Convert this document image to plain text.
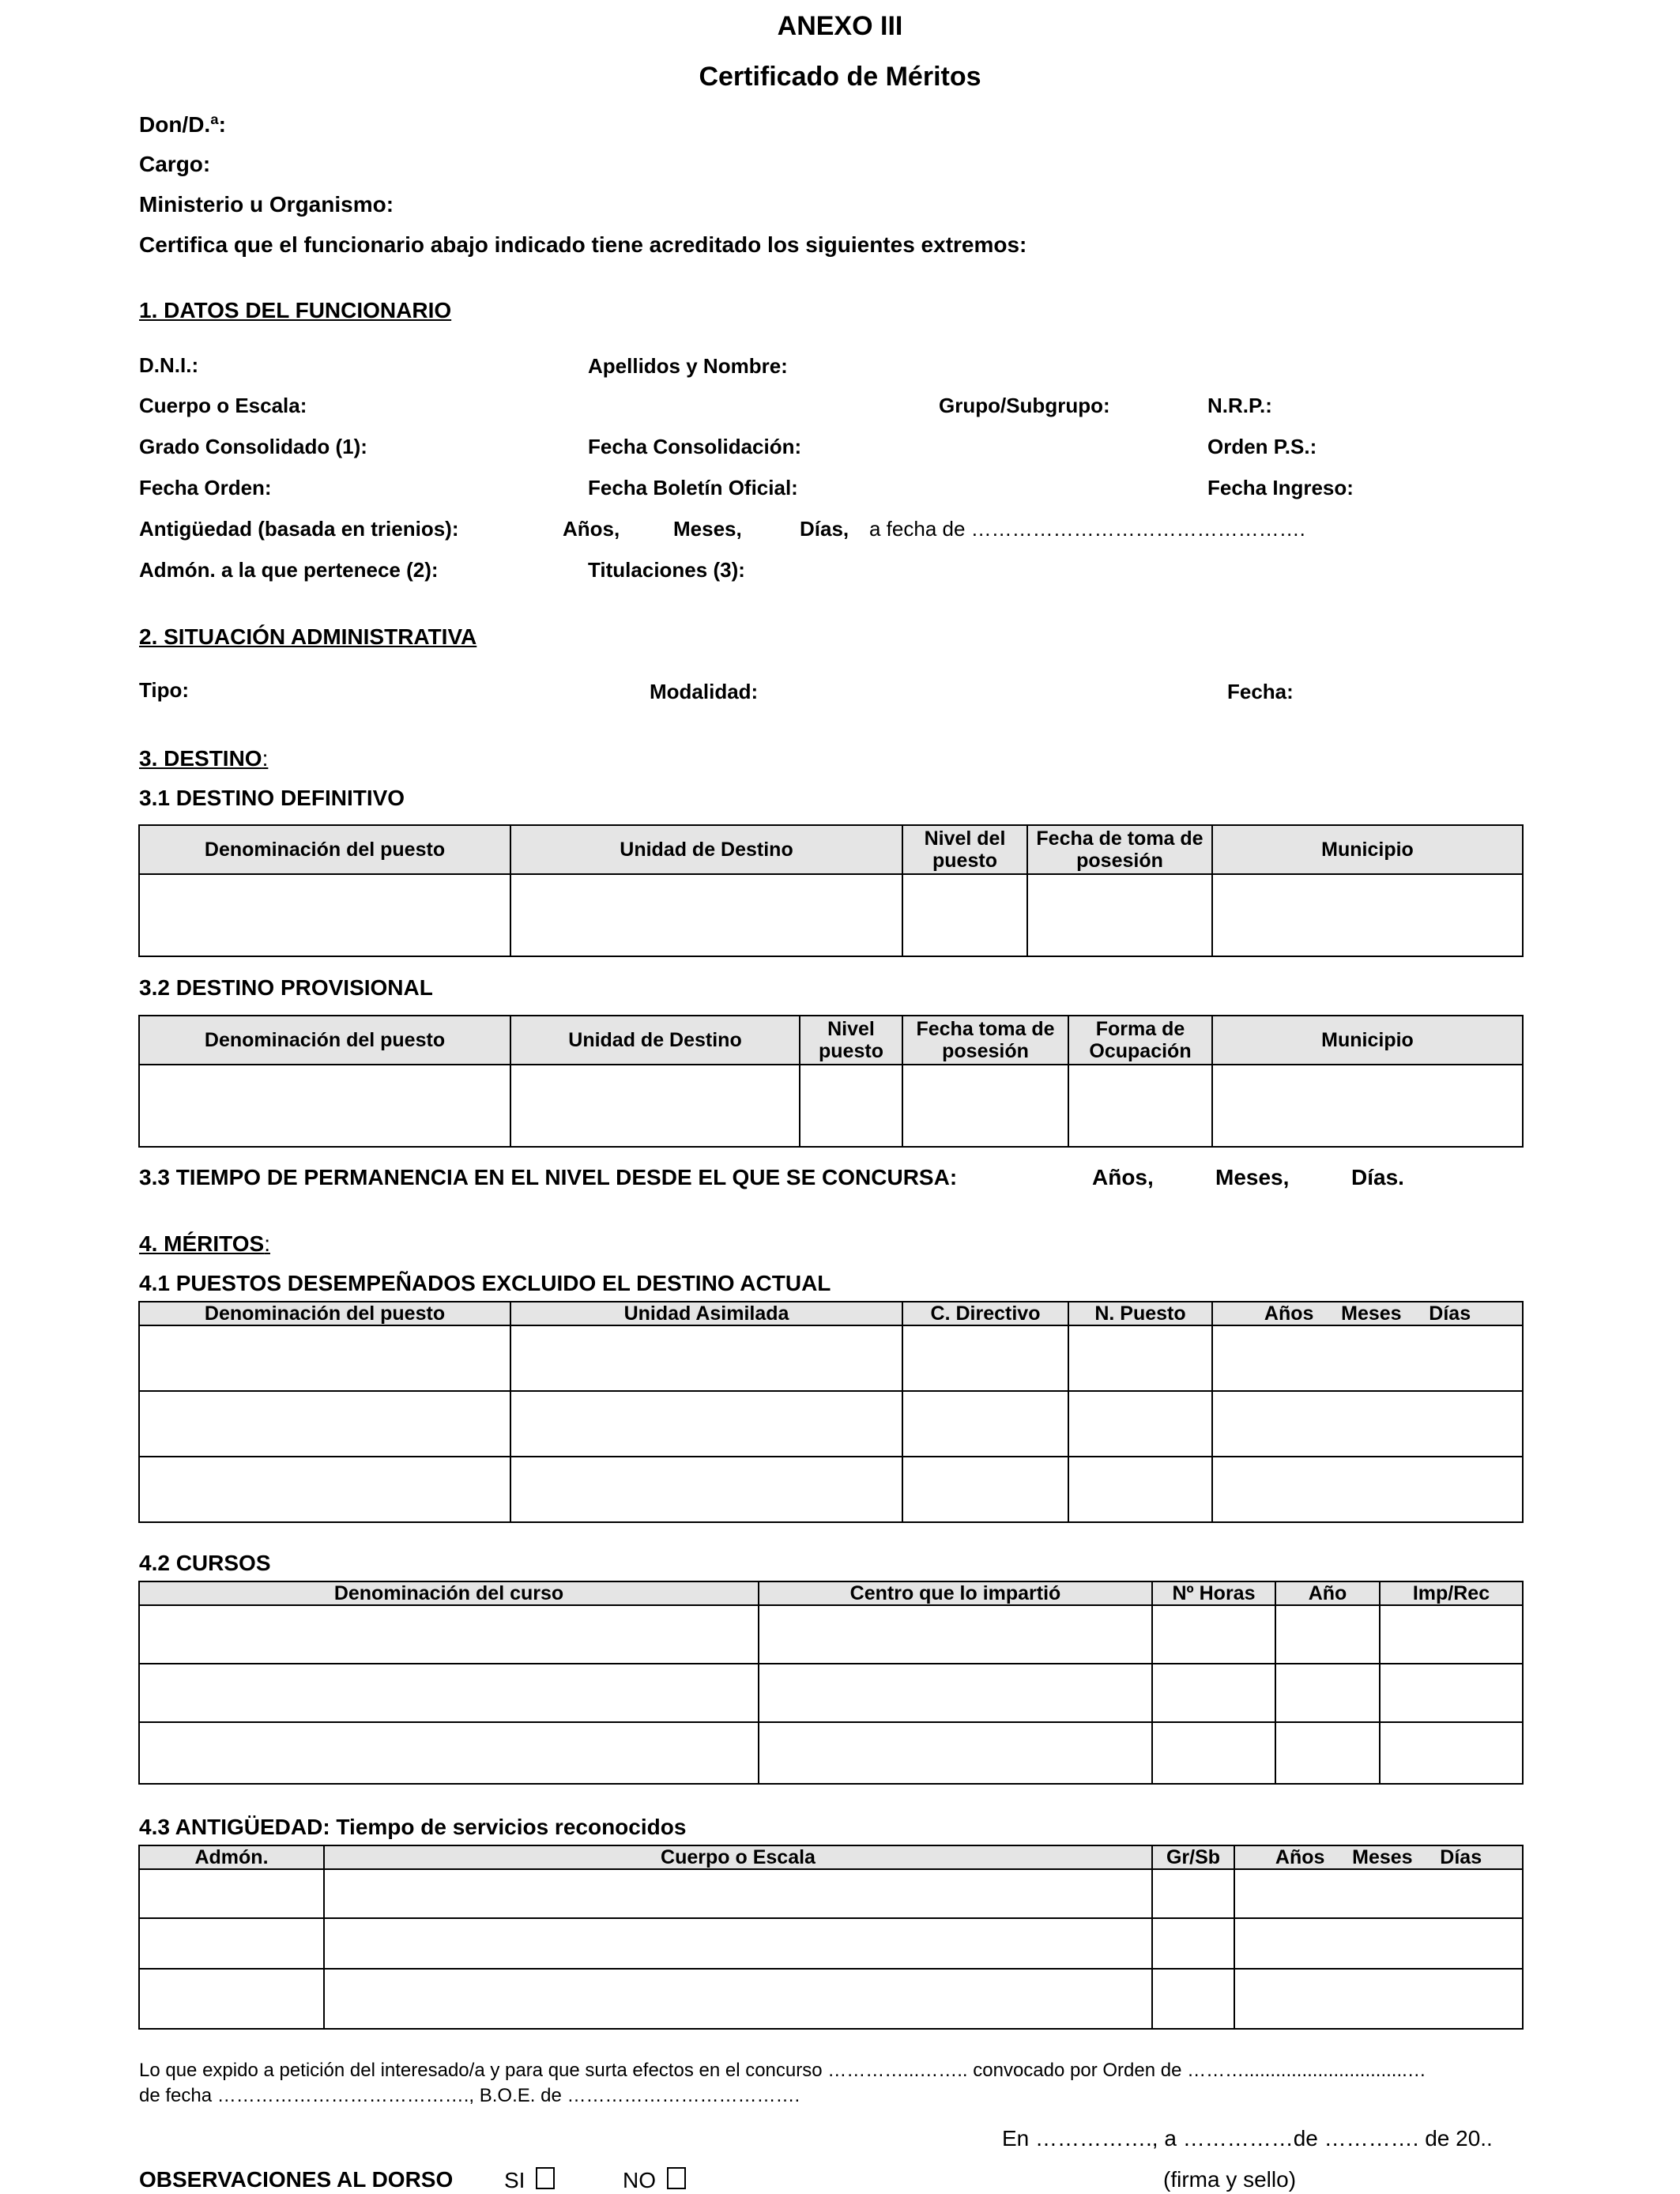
ANEXO III
Certificado de Méritos
Don/D.ª:
Cargo:
Ministerio u Organismo:
Certifica que el funcionario abajo indicado tiene acreditado los siguientes extremos:
1. DATOS DEL FUNCIONARIO
D.N.I.:	Apellidos y Nombre:
Cuerpo o Escala:	Grupo/Subgrupo:	N.R.P.:
Grado Consolidado (1):	Fecha Consolidación:	Orden P.S.:
Fecha Orden:	Fecha Boletín Oficial:	Fecha Ingreso:
Antigüedad (basada en trienios):	Años,	Meses,	Días, a fecha de ………………………………………….
Admón. a la que pertenece (2):	Titulaciones (3):
2. SITUACIÓN ADMINISTRATIVA
Tipo:	Modalidad:	Fecha:
3. DESTINO:
3.1 DESTINO DEFINITIVO
Denominación del puesto	Unidad de Destino	Nivel del puesto	Fecha de toma de posesión	Municipio

3.2 DESTINO PROVISIONAL
Denominación del puesto	Unidad de Destino	Nivel puesto	Fecha toma de posesión	Forma de Ocupación	Municipio

3.3 TIEMPO DE PERMANENCIA EN EL NIVEL DESDE EL QUE SE CONCURSA:	Años,	Meses,	Días.
4. MÉRITOS:
4.1 PUESTOS DESEMPEÑADOS EXCLUIDO EL DESTINO ACTUAL
Denominación del puesto	Unidad Asimilada	C. Directivo	N. Puesto	Años     Meses     Días

4.2 CURSOS
Denominación del curso	Centro que lo impartió	Nº Horas	Año	Imp/Rec

4.3 ANTIGÜEDAD: Tiempo de servicios reconocidos
Admón.	Cuerpo o Escala	Gr/Sb	Años     Meses     Días

Lo que expido a petición del interesado/a y para que surta efectos en el concurso …………...…….. convocado por Orden de ………...............................…
de fecha …………………………………., B.O.E. de ……………………………….
En ……………., a ……………de …………. de 20..
OBSERVACIONES AL DORSO SI	NO	(firma y sello)
